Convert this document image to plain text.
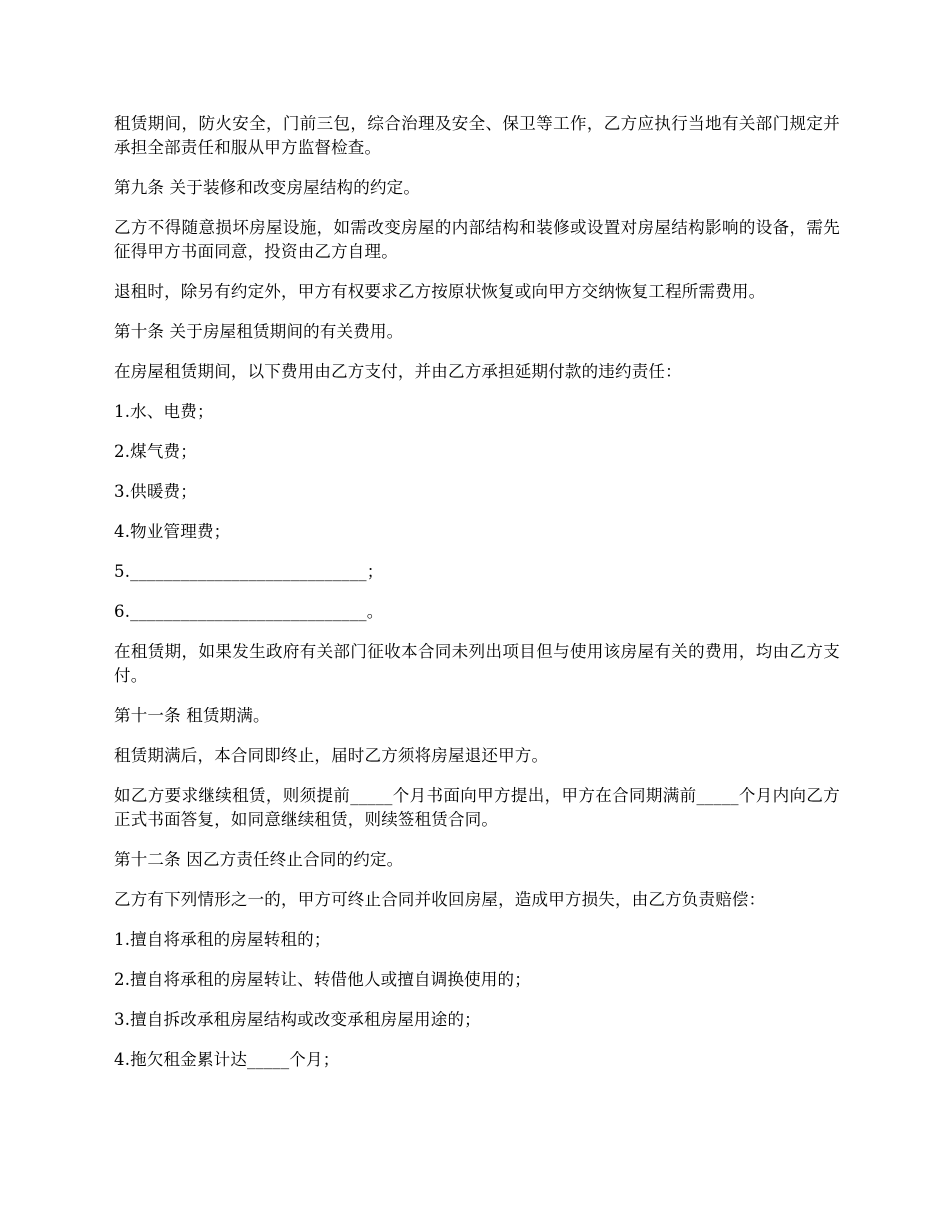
租赁期间，防火安全，门前三包，综合治理及安全、保卫等工作，乙方应执行当地有关部门规定并承担全部责任和服从甲方监督检查。

第九条 关于装修和改变房屋结构的约定。

乙方不得随意损坏房屋设施，如需改变房屋的内部结构和装修或设置对房屋结构影响的设备，需先征得甲方书面同意，投资由乙方自理。

退租时，除另有约定外，甲方有权要求乙方按原状恢复或向甲方交纳恢复工程所需费用。

第十条 关于房屋租赁期间的有关费用。

在房屋租赁期间，以下费用由乙方支付，并由乙方承担延期付款的违约责任：

1.水、电费；

2.煤气费；

3.供暖费；

4.物业管理费；

5.____________________________；

6.____________________________。

在租赁期，如果发生政府有关部门征收本合同未列出项目但与使用该房屋有关的费用，均由乙方支付。

第十一条 租赁期满。

租赁期满后，本合同即终止，届时乙方须将房屋退还甲方。

如乙方要求继续租赁，则须提前_____个月书面向甲方提出，甲方在合同期满前_____个月内向乙方正式书面答复，如同意继续租赁，则续签租赁合同。

第十二条 因乙方责任终止合同的约定。

乙方有下列情形之一的，甲方可终止合同并收回房屋，造成甲方损失，由乙方负责赔偿：

1.擅自将承租的房屋转租的；

2.擅自将承租的房屋转让、转借他人或擅自调换使用的；

3.擅自拆改承租房屋结构或改变承租房屋用途的；

4.拖欠租金累计达_____个月；
